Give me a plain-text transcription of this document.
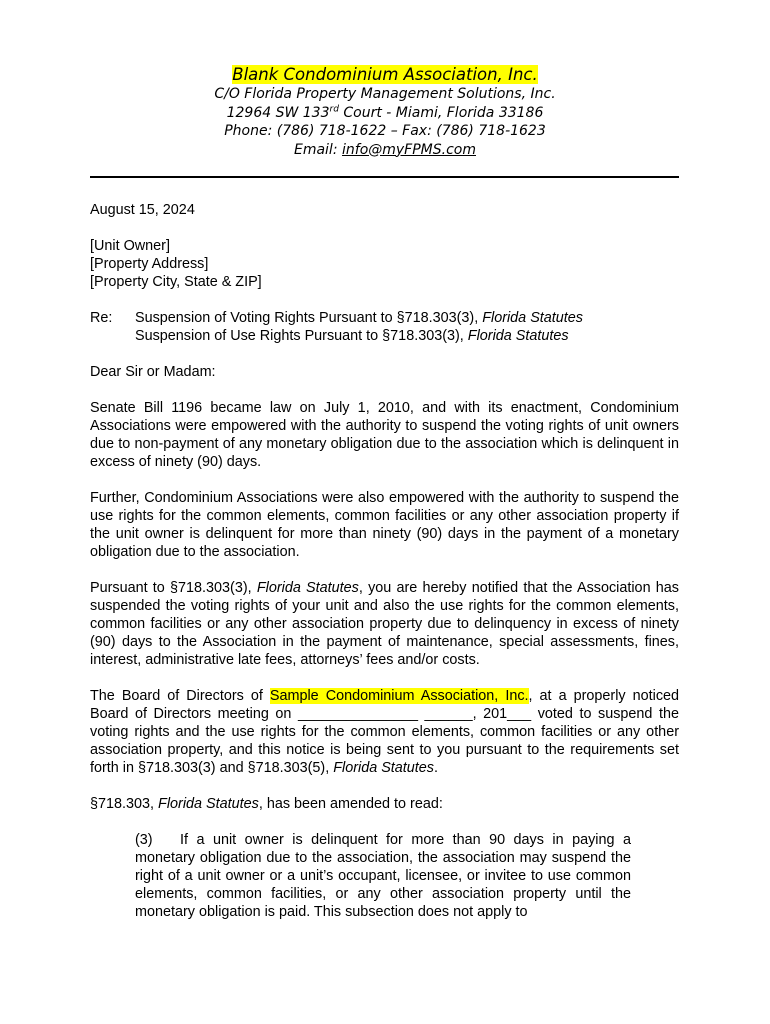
Blank Condominium Association, Inc.
C/O Florida Property Management Solutions, Inc.
12964 SW 133rd Court - Miami, Florida 33186
Phone: (786) 718-1622 – Fax: (786) 718-1623
Email: info@myFPMS.com

August 15, 2024

[Unit Owner]
[Property Address]
[Property City, State & ZIP]
Re:	Suspension of Voting Rights Pursuant to §718.303(3), Florida Statutes
Suspension of Use Rights Pursuant to §718.303(3), Florida Statutes

Dear Sir or Madam:

Senate Bill 1196 became law on July 1, 2010, and with its enactment, Condominium Associations were empowered with the authority to suspend the voting rights of unit owners due to non-payment of any monetary obligation due to the association which is delinquent in excess of ninety (90) days.

Further, Condominium Associations were also empowered with the authority to suspend the use rights for the common elements, common facilities or any other association property if the unit owner is delinquent for more than ninety (90) days in the payment of a monetary obligation due to the association.

Pursuant to §718.303(3), Florida Statutes, you are hereby notified that the Association has suspended the voting rights of your unit and also the use rights for the common elements, common facilities or any other association property due to delinquency in excess of ninety (90) days to the Association in the payment of maintenance, special assessments, fines, interest, administrative late fees, attorneys’ fees and/or costs.

The Board of Directors of Sample Condominium Association, Inc., at a properly noticed Board of Directors meeting on _______________ ______, 201___ voted to suspend the voting rights and the use rights for the common elements, common facilities or any other association property, and this notice is being sent to you pursuant to the requirements set forth in §718.303(3) and §718.303(5), Florida Statutes.

§718.303, Florida Statutes, has been amended to read:

(3) If a unit owner is delinquent for more than 90 days in paying a monetary obligation due to the association, the association may suspend the right of a unit owner or a unit’s occupant, licensee, or invitee to use common elements, common facilities, or any other association property until the monetary obligation is paid. This subsection does not apply to
